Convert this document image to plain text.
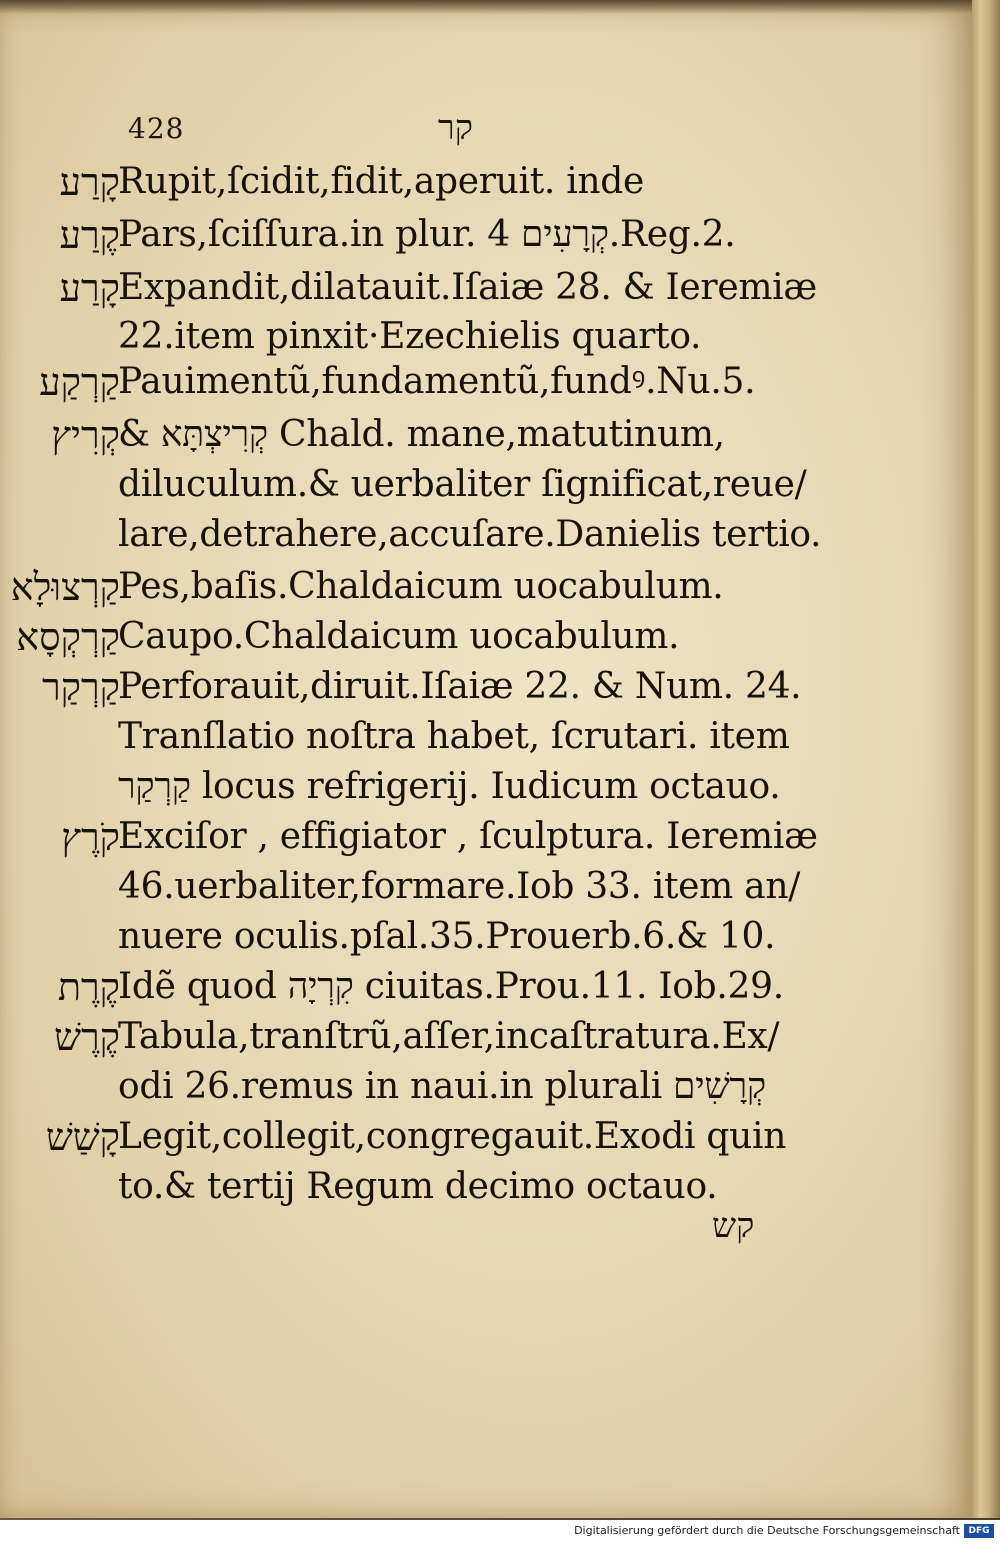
428	קר
קָרַע
Rupit,ſcidit,fidit,aperuit. inde
קֶרַע
Pars,ſciſſura.in plur. קְרָעִים 4.Reg.2.
קָרַע
Expandit,dilatauit.Iſaiæ 28. & Ieremiæ
22.item pinxit·Ezechielis quarto.
קַרְקַע
Pauimentũ,fundamentũ,fundꝰ.Nu.5.
קְרִיץ
& קְרִיצְתָּא Chald. mane,matutinum,
diluculum.& uerbaliter ſignificat,reue/
lare,detrahere,accuſare.Danielis tertio.
קַרְצוּלָא
Pes,baſis.Chaldaicum uocabulum.
קַרְקְסָא
Caupo.Chaldaicum uocabulum.
קַרְקַר
Perforauit,diruit.Iſaiæ 22. & Num. 24.
Tranſlatio noſtra habet, ſcrutari. item
קַרְקַר locus refrigerij. Iudicum octauo.
קֹרֶץ
Exciſor , effigiator , ſculptura. Ieremiæ
46.uerbaliter,formare.Iob 33. item an/
nuere oculis.pſal.35.Prouerb.6.& 10.
קֶרֶת
Idẽ quod קִרְיָה ciuitas.Prou.11. Iob.29.
קֶרֶשׁ
Tabula,tranſtrũ,aſſer,incaſtratura.Ex/
odi 26.remus in naui.in plurali קְרָשִׁים
קָשַׁשׁ
Legit,collegit,congregauit.Exodi quin
to.& tertij Regum decimo octauo.
קש
Digitalisierung gefördert durch die Deutsche Forschungsgemeinschaft DFG
